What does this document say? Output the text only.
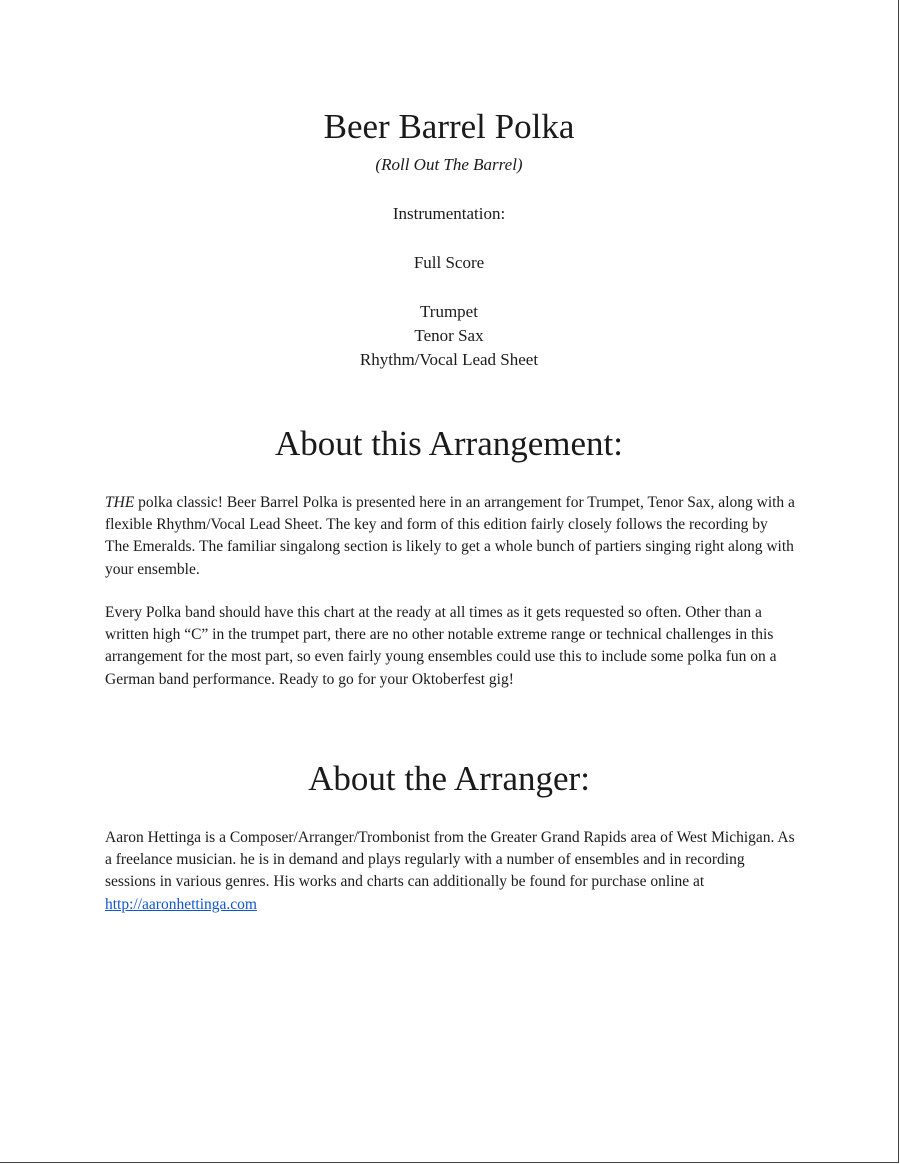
Beer Barrel Polka

(Roll Out The Barrel)

Instrumentation:

Full Score

Trumpet
Tenor Sax
Rhythm/Vocal Lead Sheet
About this Arrangement:

THE polka classic! Beer Barrel Polka is presented here in an arrangement for Trumpet, Tenor Sax, along with a flexible Rhythm/Vocal Lead Sheet. The key and form of this edition fairly closely follows the recording by The Emeralds. The familiar singalong section is likely to get a whole bunch of partiers singing right along with your ensemble.

Every Polka band should have this chart at the ready at all times as it gets requested so often. Other than a written high “C” in the trumpet part, there are no other notable extreme range or technical challenges in this arrangement for the most part, so even fairly young ensembles could use this to include some polka fun on a German band performance. Ready to go for your Oktoberfest gig!

About the Arranger:

Aaron Hettinga is a Composer/Arranger/Trombonist from the Greater Grand Rapids area of West Michigan. As a freelance musician. he is in demand and plays regularly with a number of ensembles and in recording sessions in various genres. His works and charts can additionally be found for purchase online at http://aaronhettinga.com
